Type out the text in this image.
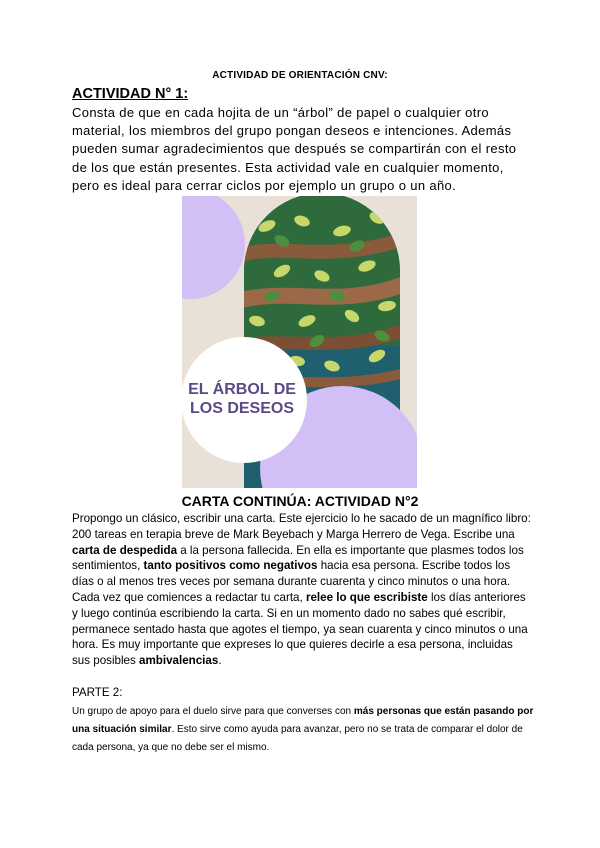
ACTIVIDAD DE ORIENTACIÓN CNV:
ACTIVIDAD N° 1:

Consta de que en cada hojita de un “árbol” de papel o cualquier otro material, los miembros del grupo pongan deseos e intenciones. Además pueden sumar agradecimientos que después se compartirán con el resto de los que están presentes. Esta actividad vale en cualquier momento, pero es ideal para cerrar ciclos por ejemplo un grupo o un año.

EL ÁRBOL DE
LOS DESEOS
CARTA CONTINÚA: ACTIVIDAD N°2

Propongo un clásico, escribir una carta. Este ejercicio lo he sacado de un magnífico libro: 200 tareas en terapia breve de Mark Beyebach y Marga Herrero de Vega. Escribe una carta de despedida a la persona fallecida. En ella es importante que plasmes todos los sentimientos, tanto positivos como negativos hacia esa persona. Escribe todos los días o al menos tres veces por semana durante cuarenta y cinco minutos o una hora. Cada vez que comiences a redactar tu carta, relee lo que escribiste los días anteriores y luego continúa escribiendo la carta. Si en un momento dado no sabes qué escribir, permanece sentado hasta que agotes el tiempo, ya sean cuarenta y cinco minutos o una hora. Es muy importante que expreses lo que quieres decirle a esa persona, incluidas sus posibles ambivalencias.

PARTE 2:

Un grupo de apoyo para el duelo sirve para que converses con más personas que están pasando por una situación similar. Esto sirve como ayuda para avanzar, pero no se trata de comparar el dolor de cada persona, ya que no debe ser el mismo.
